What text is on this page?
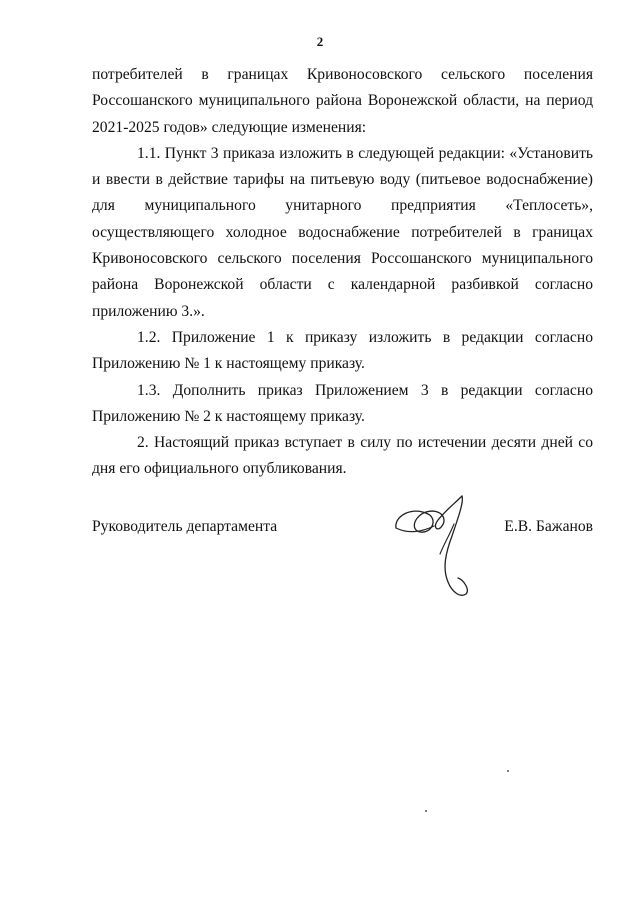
2

потребителей в границах Кривоносовского сельского поселения Россошанского муниципального района Воронежской области, на период 2021-2025 годов» следующие изменения:

1.1. Пункт 3 приказа изложить в следующей редакции: «Установить и ввести в действие тарифы на питьевую воду (питьевое водоснабжение) для муниципального унитарного предприятия «Теплосеть», осуществляющего холодное водоснабжение потребителей в границах Кривоносовского сельского поселения Россошанского муниципального района Воронежской области с календарной разбивкой согласно приложению 3.».

1.2. Приложение 1 к приказу изложить в редакции согласно Приложению № 1 к настоящему приказу.

1.3. Дополнить приказ Приложением 3 в редакции согласно Приложению № 2 к настоящему приказу.

2. Настоящий приказ вступает в силу по истечении десяти дней со дня его официального опубликования.

Руководитель департамента	Е.В. Бажанов
